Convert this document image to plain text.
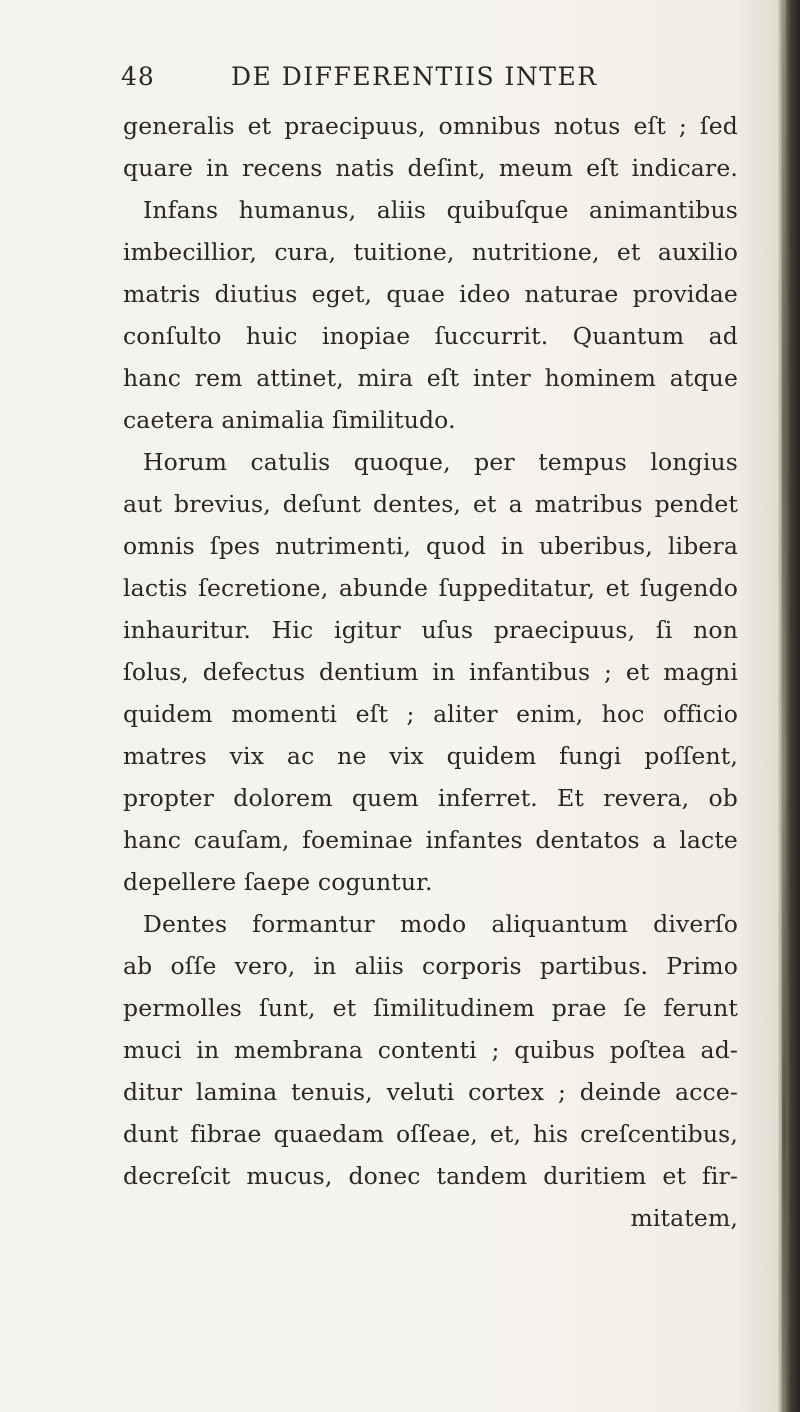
48	DE DIFFERENTIIS INTER
generalis et praecipuus, omnibus notus eſt ; ſed
quare in recens natis deſint, meum eſt indicare.
Infans humanus, aliis quibuſque animantibus
imbecillior, cura, tuitione, nutritione, et auxilio
matris diutius eget, quae ideo naturae providae
conſulto huic inopiae ſuccurrit. Quantum ad
hanc rem attinet, mira eſt inter hominem atque
caetera animalia ſimilitudo.
Horum catulis quoque, per tempus longius
aut brevius, deſunt dentes, et a matribus pendet
omnis ſpes nutrimenti, quod in uberibus, libera
lactis ſecretione, abunde ſuppeditatur, et ſugendo
inhauritur. Hic igitur uſus praecipuus, ſi non
ſolus, defectus dentium in infantibus ; et magni
quidem momenti eſt ; aliter enim, hoc officio
matres vix ac ne vix quidem fungi poſſent,
propter dolorem quem inferret. Et revera, ob
hanc cauſam, foeminae infantes dentatos a lacte
depellere ſaepe coguntur.
Dentes formantur modo aliquantum diverſo
ab oſſe vero, in aliis corporis partibus. Primo
permolles ſunt, et ſimilitudinem prae ſe ferunt
muci in membrana contenti ; quibus poſtea ad-
ditur lamina tenuis, veluti cortex ; deinde acce-
dunt fibrae quaedam oſſeae, et, his creſcentibus,
decreſcit mucus, donec tandem duritiem et fir-
mitatem,
